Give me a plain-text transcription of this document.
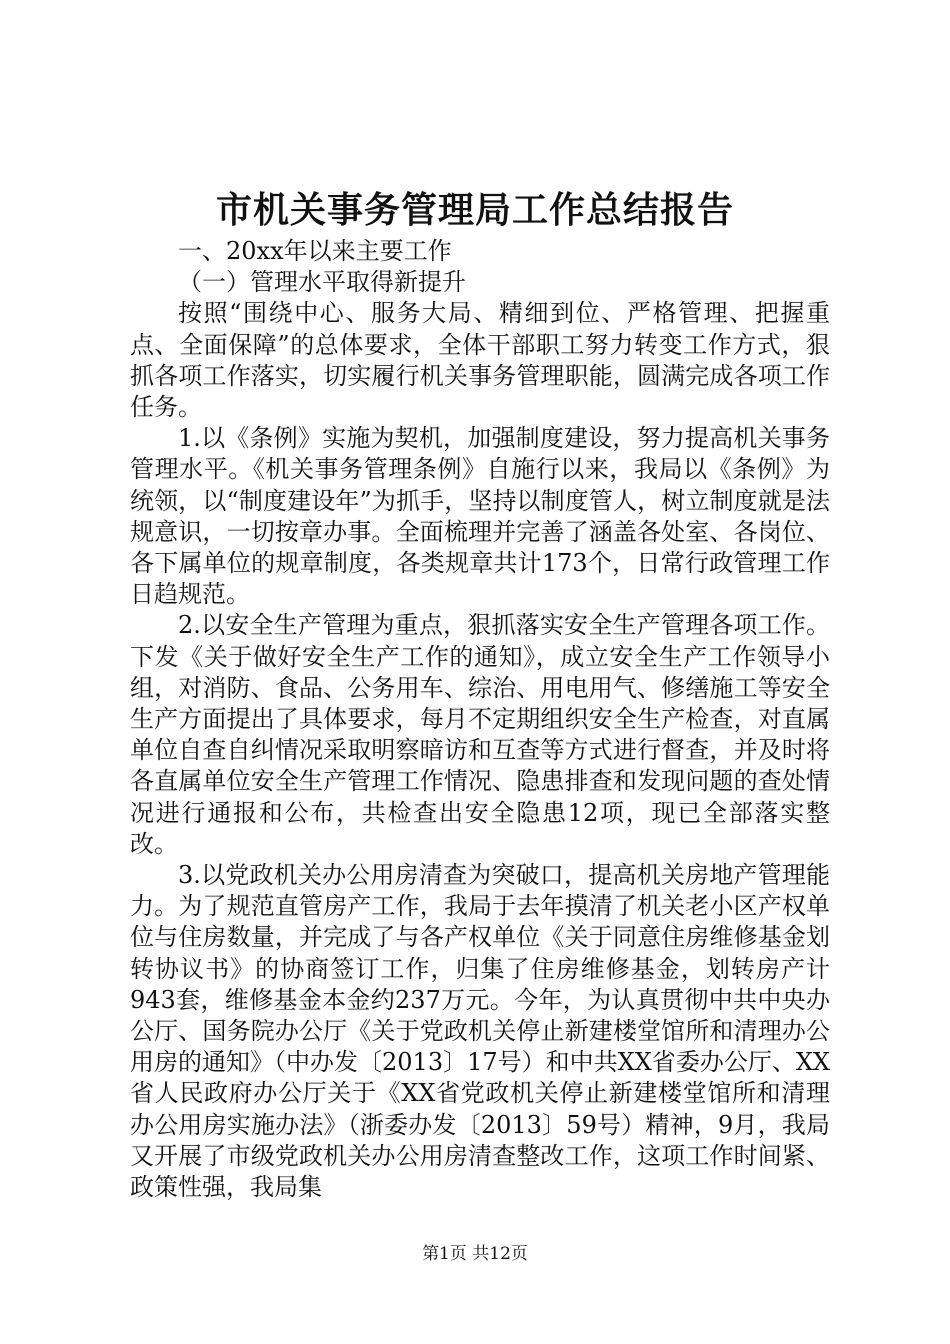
市机关事务管理局工作总结报告

一、20xx年以来主要工作

（一）管理水平取得新提升

按照“围绕中心、服务大局、精细到位、严格管理、把握重点、全面保障”的总体要求，全体干部职工努力转变工作方式，狠抓各项工作落实，切实履行机关事务管理职能，圆满完成各项工作任务。

1.以《条例》实施为契机，加强制度建设，努力提高机关事务管理水平。《机关事务管理条例》自施行以来，我局以《条例》为统领，以“制度建设年”为抓手，坚持以制度管人，树立制度就是法规意识，一切按章办事。全面梳理并完善了涵盖各处室、各岗位、各下属单位的规章制度，各类规章共计173个，日常行政管理工作日趋规范。

2.以安全生产管理为重点，狠抓落实安全生产管理各项工作。下发《关于做好安全生产工作的通知》，成立安全生产工作领导小组，对消防、食品、公务用车、综治、用电用气、修缮施工等安全生产方面提出了具体要求，每月不定期组织安全生产检查，对直属单位自查自纠情况采取明察暗访和互查等方式进行督查，并及时将各直属单位安全生产管理工作情况、隐患排查和发现问题的查处情况进行通报和公布，共检查出安全隐患12项，现已全部落实整改。

3.以党政机关办公用房清查为突破口，提高机关房地产管理能力。为了规范直管房产工作，我局于去年摸清了机关老小区产权单位与住房数量，并完成了与各产权单位《关于同意住房维修基金划转协议书》的协商签订工作，归集了住房维修基金，划转房产计943套，维修基金本金约237万元。今年，为认真贯彻中共中央办公厅、国务院办公厅《关于党政机关停止新建楼堂馆所和清理办公用房的通知》（中办发〔2013〕17号）和中共XX省委办公厅、XX省人民政府办公厅关于《XX省党政机关停止新建楼堂馆所和清理办公用房实施办法》（浙委办发〔2013〕59号）精神，9月，我局又开展了市级党政机关办公用房清查整改工作，这项工作时间紧、政策性强，我局集

第1页 共12页
